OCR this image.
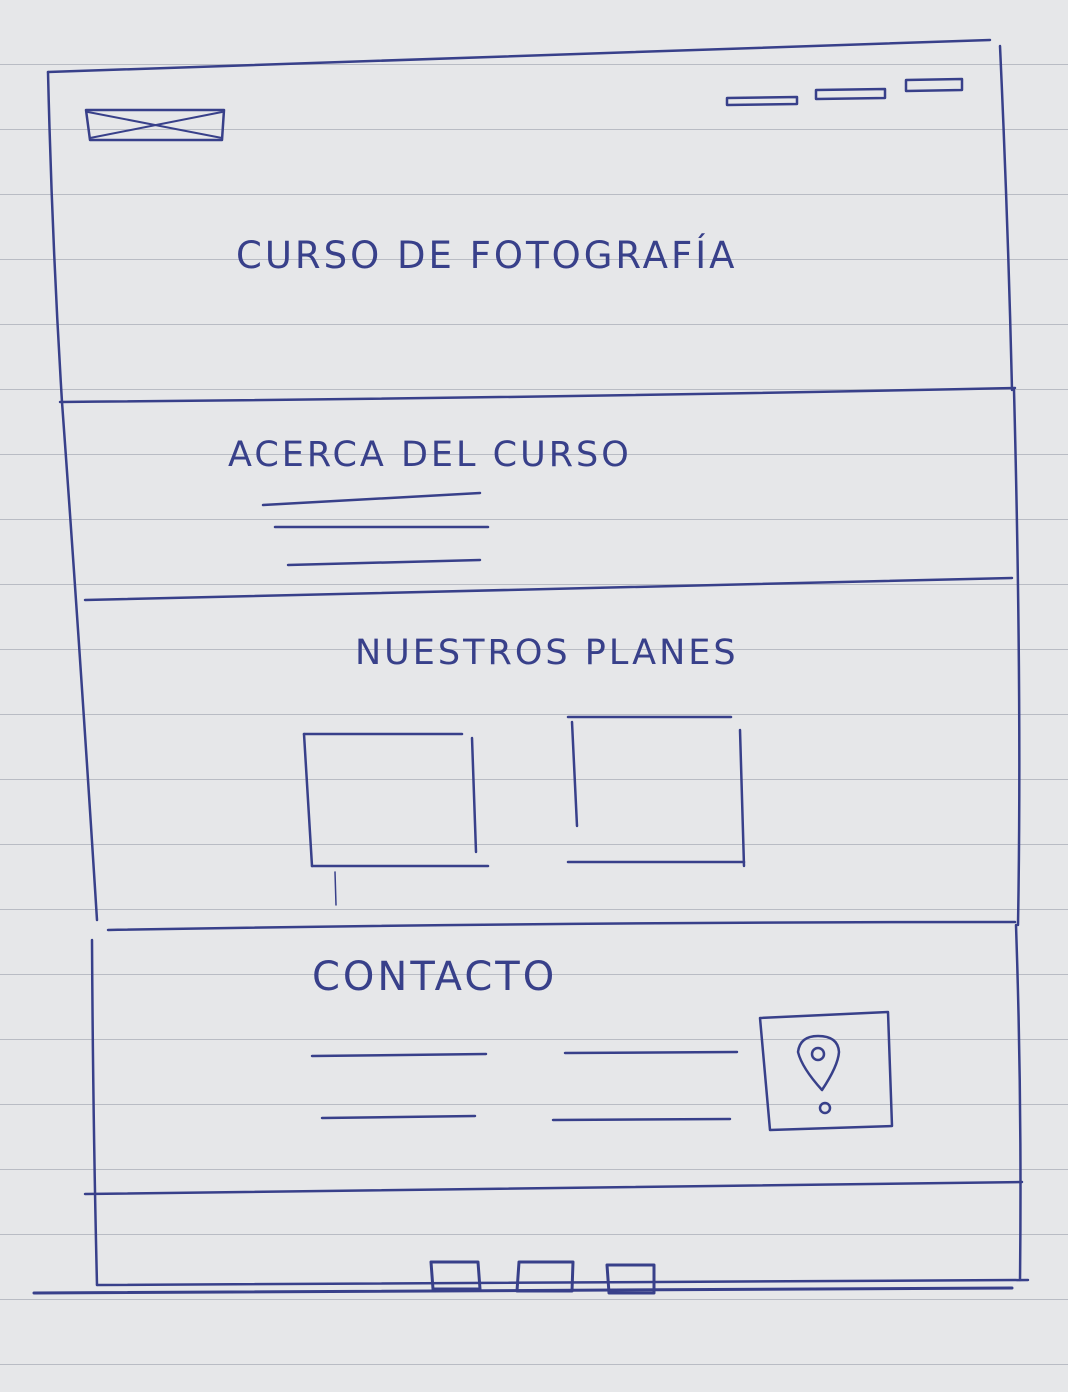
CURSO DE FOTOGRAFÍA
ACERCA DEL CURSO
NUESTROS PLANES
CONTACTO
